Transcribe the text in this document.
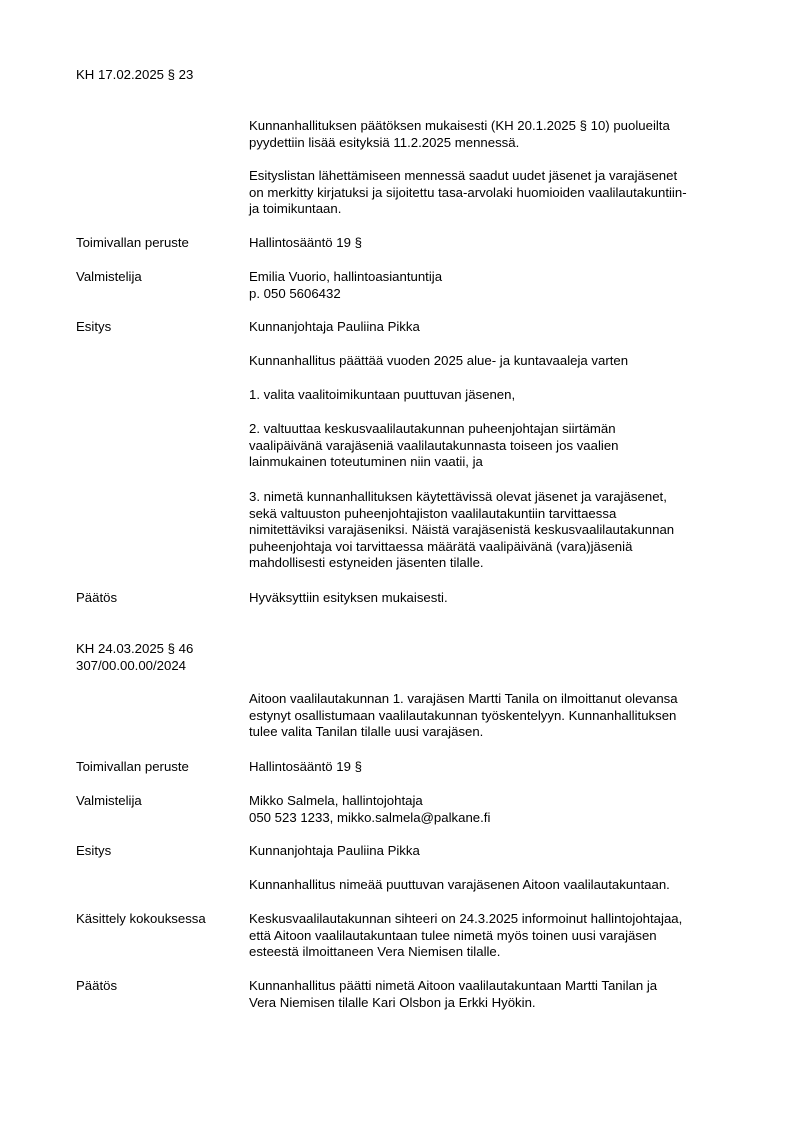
KH 17.02.2025 § 23
Kunnanhallituksen päätöksen mukaisesti (KH 20.1.2025 § 10) puolueilta
pyydettiin lisää esityksiä 11.2.2025 mennessä.
Esityslistan lähettämiseen mennessä saadut uudet jäsenet ja varajäsenet
on merkitty kirjatuksi ja sijoitettu tasa-arvolaki huomioiden vaalilautakuntiin-
ja toimikuntaan.
Toimivallan peruste	Hallintosääntö 19 §
Valmistelija	Emilia Vuorio, hallintoasiantuntija
p. 050 5606432
Esitys	Kunnanjohtaja Pauliina Pikka
Kunnanhallitus päättää vuoden 2025 alue- ja kuntavaaleja varten
1. valita vaalitoimikuntaan puuttuvan jäsenen,
2. valtuuttaa keskusvaalilautakunnan puheenjohtajan siirtämän
vaalipäivänä varajäseniä vaalilautakunnasta toiseen jos vaalien
lainmukainen toteutuminen niin vaatii, ja
3. nimetä kunnanhallituksen käytettävissä olevat jäsenet ja varajäsenet,
sekä valtuuston puheenjohtajiston vaalilautakuntiin tarvittaessa
nimitettäviksi varajäseniksi. Näistä varajäsenistä keskusvaalilautakunnan
puheenjohtaja voi tarvittaessa määrätä vaalipäivänä (vara)jäseniä
mahdollisesti estyneiden jäsenten tilalle.
Päätös	Hyväksyttiin esityksen mukaisesti.
KH 24.03.2025 § 46
307/00.00.00/2024
Aitoon vaalilautakunnan 1. varajäsen Martti Tanila on ilmoittanut olevansa
estynyt osallistumaan vaalilautakunnan työskentelyyn. Kunnanhallituksen
tulee valita Tanilan tilalle uusi varajäsen.
Toimivallan peruste	Hallintosääntö 19 §
Valmistelija	Mikko Salmela, hallintojohtaja
050 523 1233, mikko.salmela@palkane.fi
Esitys	Kunnanjohtaja Pauliina Pikka
Kunnanhallitus nimeää puuttuvan varajäsenen Aitoon vaalilautakuntaan.
Käsittely kokouksessa	Keskusvaalilautakunnan sihteeri on 24.3.2025 informoinut hallintojohtajaa,
että Aitoon vaalilautakuntaan tulee nimetä myös toinen uusi varajäsen
esteestä ilmoittaneen Vera Niemisen tilalle.
Päätös	Kunnanhallitus päätti nimetä Aitoon vaalilautakuntaan Martti Tanilan ja
Vera Niemisen tilalle Kari Olsbon ja Erkki Hyökin.
